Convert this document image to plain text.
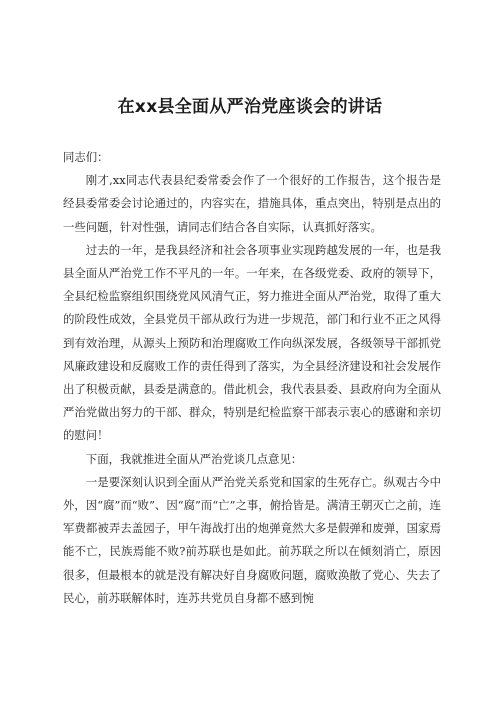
在xx县全面从严治党座谈会的讲话

同志们：

刚才,xx同志代表县纪委常委会作了一个很好的工作报告，这个报告是经县委常委会讨论通过的，内容实在，措施具体，重点突出，特别是点出的一些问题，针对性强，请同志们结合各自实际，认真抓好落实。

过去的一年，是我县经济和社会各项事业实现跨越发展的一年，也是我县全面从严治党工作不平凡的一年。一年来，在各级党委、政府的领导下，全县纪检监察组织围绕党风风清气正，努力推进全面从严治党，取得了重大的阶段性成效，全县党员干部从政行为进一步规范，部门和行业不正之风得到有效治理，从源头上预防和治理腐败工作向纵深发展，各级领导干部抓党风廉政建设和反腐败工作的责任得到了落实，为全县经济建设和社会发展作出了积极贡献，县委是满意的。借此机会，我代表县委、县政府向为全面从严治党做出努力的干部、群众，特别是纪检监察干部表示衷心的感谢和亲切的慰问！

下面，我就推进全面从严治党谈几点意见：

一是要深刻认识到全面从严治党关系党和国家的生死存亡。纵观古今中外，因“腐”而“败”、因“腐”而“亡”之事，俯拾皆是。满清王朝灭亡之前，连军费都被弄去盖园子，甲午海战打出的炮弹竟然大多是假弹和废弹，国家焉能不亡，民族焉能不败?前苏联也是如此。前苏联之所以在倾刻消亡，原因很多，但最根本的就是没有解决好自身腐败问题，腐败涣散了党心、失去了民心，前苏联解体时，连苏共党员自身都不感到惋
